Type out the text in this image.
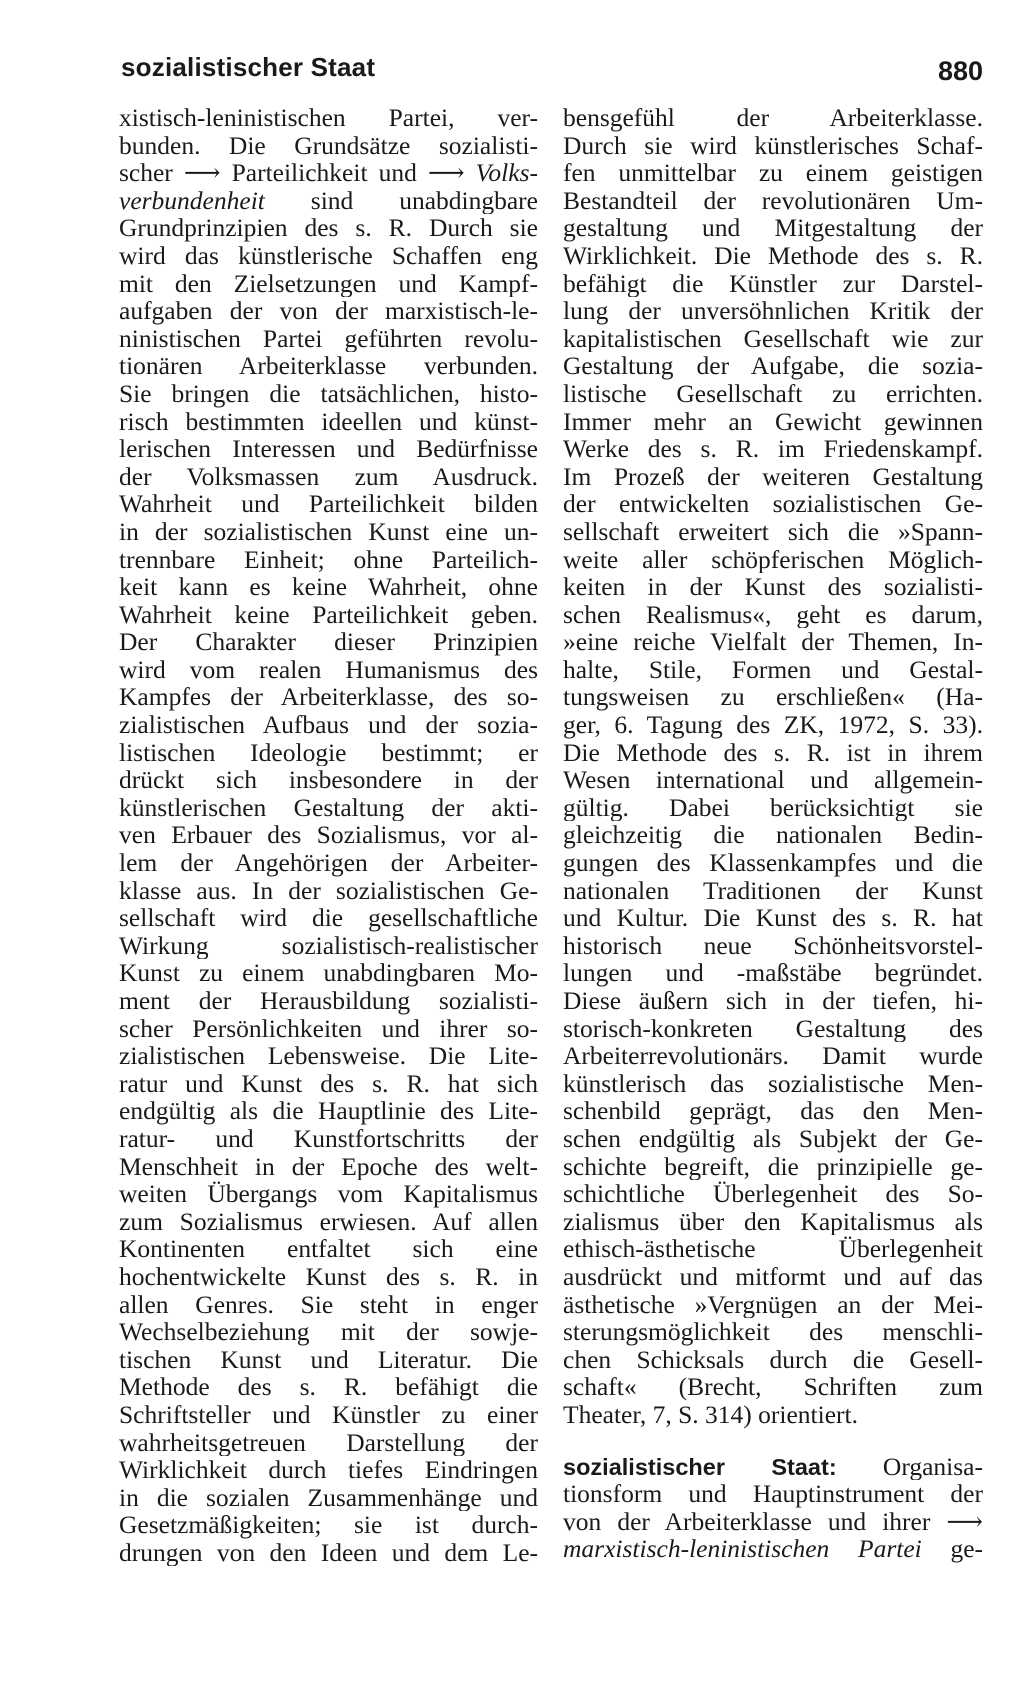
sozialistischer Staat	880
xistisch-leninistischen Partei, ver-
bunden. Die Grundsätze sozialisti-
scher ⟶ Parteilichkeit und ⟶ Volks-
verbundenheit sind unabdingbare
Grundprinzipien des s. R. Durch sie
wird das künstlerische Schaffen eng
mit den Zielsetzungen und Kampf-
aufgaben der von der marxistisch-le-
ninistischen Partei geführten revolu-
tionären Arbeiterklasse verbunden.
Sie bringen die tatsächlichen, histo-
risch bestimmten ideellen und künst-
lerischen Interessen und Bedürfnisse
der Volksmassen zum Ausdruck.
Wahrheit und Parteilichkeit bilden
in der sozialistischen Kunst eine un-
trennbare Einheit; ohne Parteilich-
keit kann es keine Wahrheit, ohne
Wahrheit keine Parteilichkeit geben.
Der Charakter dieser Prinzipien
wird vom realen Humanismus des
Kampfes der Arbeiterklasse, des so-
zialistischen Aufbaus und der sozia-
listischen Ideologie bestimmt; er
drückt sich insbesondere in der
künstlerischen Gestaltung der akti-
ven Erbauer des Sozialismus, vor al-
lem der Angehörigen der Arbeiter-
klasse aus. In der sozialistischen Ge-
sellschaft wird die gesellschaftliche
Wirkung sozialistisch-realistischer
Kunst zu einem unabdingbaren Mo-
ment der Herausbildung sozialisti-
scher Persönlichkeiten und ihrer so-
zialistischen Lebensweise. Die Lite-
ratur und Kunst des s. R. hat sich
endgültig als die Hauptlinie des Lite-
ratur- und Kunstfortschritts der
Menschheit in der Epoche des welt-
weiten Übergangs vom Kapitalismus
zum Sozialismus erwiesen. Auf allen
Kontinenten entfaltet sich eine
hochentwickelte Kunst des s. R. in
allen Genres. Sie steht in enger
Wechselbeziehung mit der sowje-
tischen Kunst und Literatur. Die
Methode des s. R. befähigt die
Schriftsteller und Künstler zu einer
wahrheitsgetreuen Darstellung der
Wirklichkeit durch tiefes Eindringen
in die sozialen Zusammenhänge und
Gesetzmäßigkeiten; sie ist durch-
drungen von den Ideen und dem Le-
bensgefühl der Arbeiterklasse.
Durch sie wird künstlerisches Schaf-
fen unmittelbar zu einem geistigen
Bestandteil der revolutionären Um-
gestaltung und Mitgestaltung der
Wirklichkeit. Die Methode des s. R.
befähigt die Künstler zur Darstel-
lung der unversöhnlichen Kritik der
kapitalistischen Gesellschaft wie zur
Gestaltung der Aufgabe, die sozia-
listische Gesellschaft zu errichten.
Immer mehr an Gewicht gewinnen
Werke des s. R. im Friedenskampf.
Im Prozeß der weiteren Gestaltung
der entwickelten sozialistischen Ge-
sellschaft erweitert sich die »Spann-
weite aller schöpferischen Möglich-
keiten in der Kunst des sozialisti-
schen Realismus«, geht es darum,
»eine reiche Vielfalt der Themen, In-
halte, Stile, Formen und Gestal-
tungsweisen zu erschließen« (Ha-
ger, 6. Tagung des ZK, 1972, S. 33).
Die Methode des s. R. ist in ihrem
Wesen international und allgemein-
gültig. Dabei berücksichtigt sie
gleichzeitig die nationalen Bedin-
gungen des Klassenkampfes und die
nationalen Traditionen der Kunst
und Kultur. Die Kunst des s. R. hat
historisch neue Schönheitsvorstel-
lungen und -maßstäbe begründet.
Diese äußern sich in der tiefen, hi-
storisch-konkreten Gestaltung des
Arbeiterrevolutionärs. Damit wurde
künstlerisch das sozialistische Men-
schenbild geprägt, das den Men-
schen endgültig als Subjekt der Ge-
schichte begreift, die prinzipielle ge-
schichtliche Überlegenheit des So-
zialismus über den Kapitalismus als
ethisch-ästhetische Überlegenheit
ausdrückt und mitformt und auf das
ästhetische »Vergnügen an der Mei-
sterungsmöglichkeit des menschli-
chen Schicksals durch die Gesell-
schaft« (Brecht, Schriften zum
Theater, 7, S. 314) orientiert.
sozialistischer Staat: Organisa-
tionsform und Hauptinstrument der
von der Arbeiterklasse und ihrer ⟶
marxistisch-leninistischen Partei ge-
